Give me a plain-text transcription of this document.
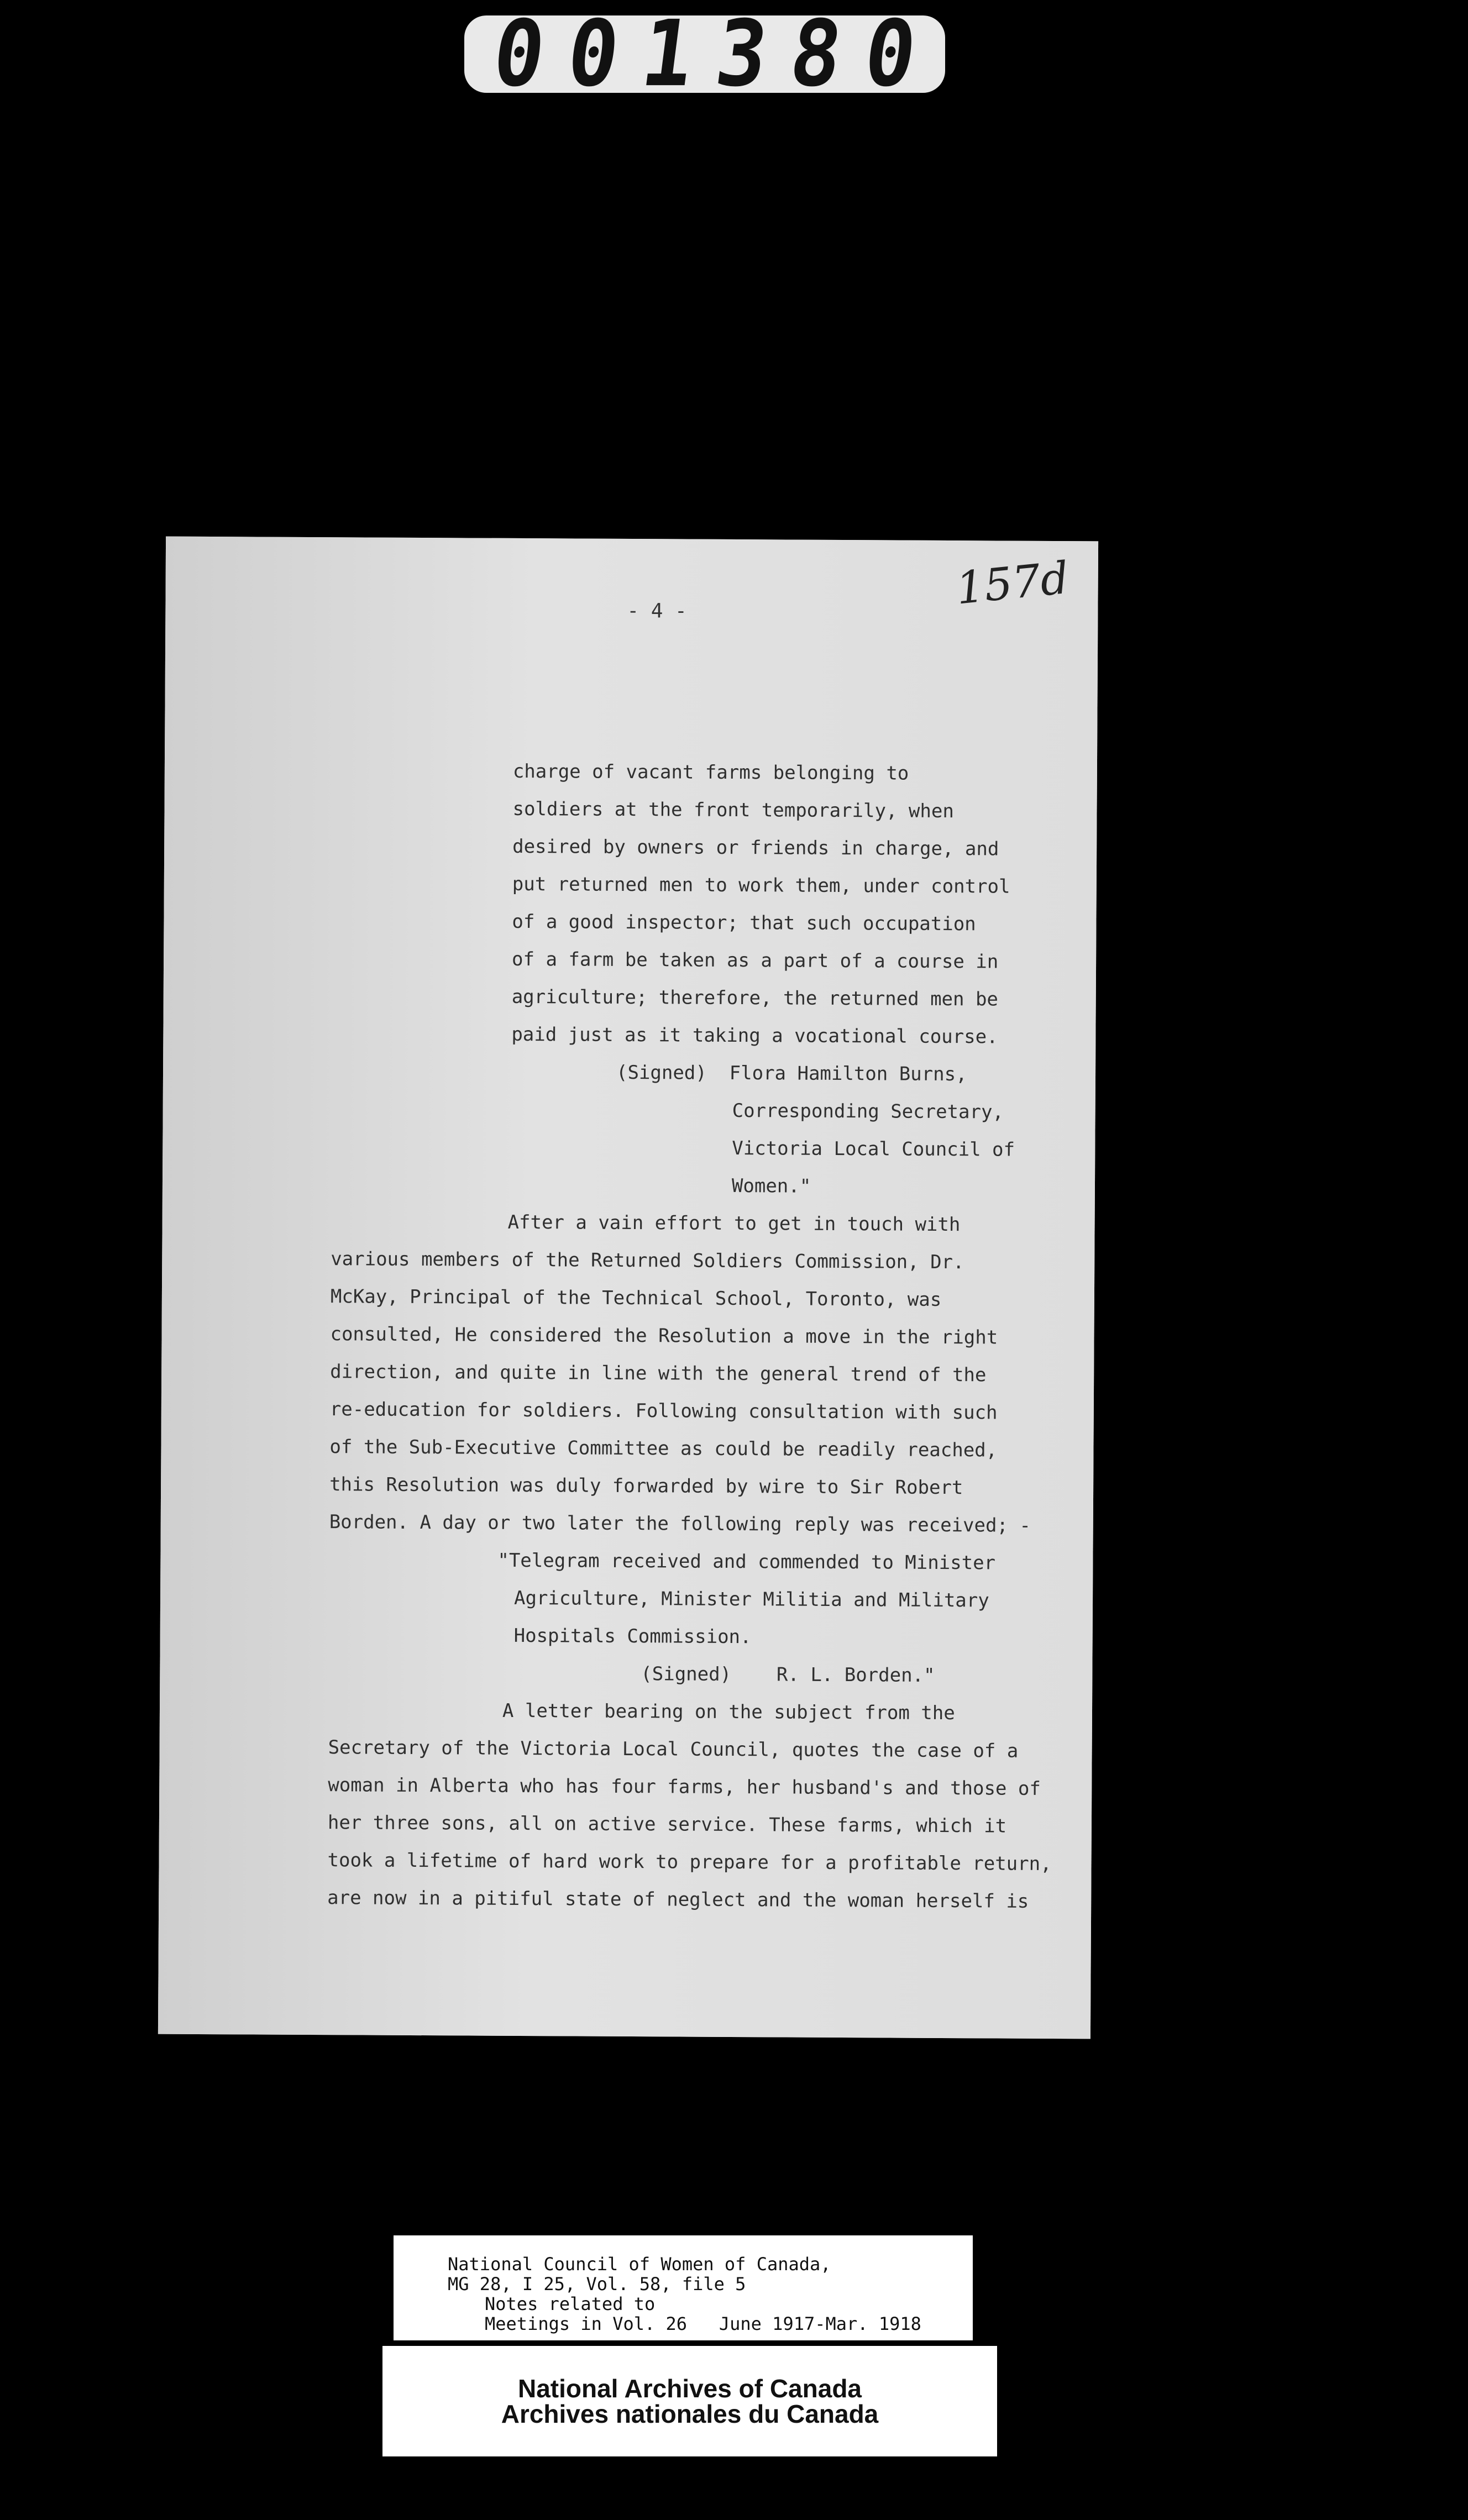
001380
- 4 -	157d
charge of vacant farms belonging to
soldiers at the front temporarily, when
desired by owners or friends in charge, and
put returned men to work them, under control
of a good inspector; that such occupation
of a farm be taken as a part of a course in
agriculture; therefore, the returned men be
paid just as it taking a vocational course.
(Signed)  Flora Hamilton Burns,
Corresponding Secretary,
Victoria Local Council of
Women."
After a vain effort to get in touch with
various members of the Returned Soldiers Commission, Dr.
McKay, Principal of the Technical School, Toronto, was
consulted, He considered the Resolution a move in the right
direction, and quite in line with the general trend of the
re-education for soldiers. Following consultation with such
of the Sub-Executive Committee as could be readily reached,
this Resolution was duly forwarded by wire to Sir Robert
Borden. A day or two later the following reply was received; -
"Telegram received and commended to Minister
Agriculture, Minister Militia and Military
Hospitals Commission.
(Signed)    R. L. Borden."
A letter bearing on the subject from the
Secretary of the Victoria Local Council, quotes the case of a
woman in Alberta who has four farms, her husband's and those of
her three sons, all on active service. These farms, which it
took a lifetime of hard work to prepare for a profitable return,
are now in a pitiful state of neglect and the woman herself is
National Council of Women of Canada,
MG 28, I 25, Vol. 58, file 5
Notes related to
Meetings in Vol. 26   June 1917-Mar. 1918
National Archives of Canada
Archives nationales du Canada
